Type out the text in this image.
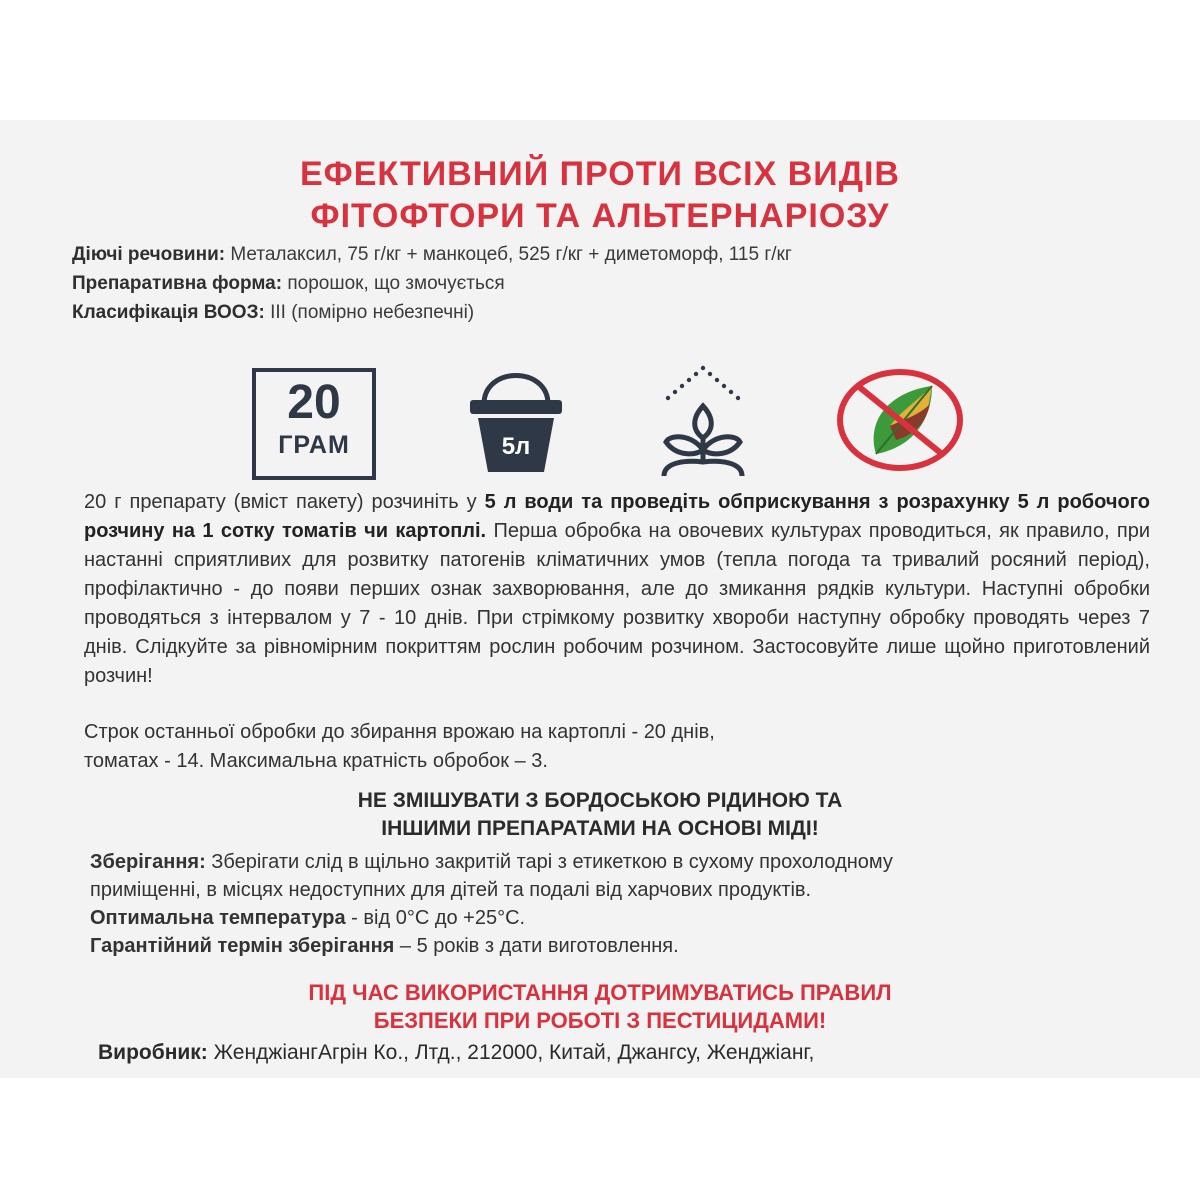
ЕФЕКТИВНИЙ ПРОТИ ВСІХ ВИДІВ
ФІТОФТОРИ ТА АЛЬТЕРНАРІОЗУ
Діючі речовини: Металаксил, 75 г/кг + манкоцеб, 525 г/кг + диметоморф, 115 г/кг
Препаративна форма: порошок, що змочується
Класифікація ВООЗ: ІІІ (помірно небезпечні)
20
ГРАМ	5л
20 г препарату (вміст пакету) розчиніть у 5 л води та проведіть обприскування з розрахунку 5 л робочого розчину на 1 сотку томатів чи картоплі. Перша обробка на овочевих культурах проводиться, як правило, при настанні сприятливих для розвитку патогенів кліматичних умов (тепла погода та тривалий росяний період), профілактично - до появи перших ознак захворювання, але до змикання рядків культури. Наступні обробки проводяться з інтервалом у 7 - 10 днів. При стрімкому розвитку хвороби наступну обробку проводять через 7 днів. Слідкуйте за рівномірним покриттям рослин робочим розчином. Застосовуйте лише щойно приготовлений розчин!
Строк останньої обробки до збирання врожаю на картоплі - 20 днів,
томатах - 14. Максимальна кратність обробок – 3.
НЕ ЗМІШУВАТИ З БОРДОСЬКОЮ РІДИНОЮ ТА
ІНШИМИ ПРЕПАРАТАМИ НА ОСНОВІ МІДІ!
Зберігання: Зберігати слід в щільно закритій тарі з етикеткою в сухому прохолодному
приміщенні, в місцях недоступних для дітей та подалі від харчових продуктів.
Оптимальна температура - від 0°C до +25°C.
Гарантійний термін зберігання – 5 років з дати виготовлення.
ПІД ЧАС ВИКОРИСТАННЯ ДОТРИМУВАТИСЬ ПРАВИЛ
БЕЗПЕКИ ПРИ РОБОТІ З ПЕСТИЦИДАМИ!
Виробник: ЖенджіангАгрін Ко., Лтд., 212000, Китай, Джангсу, Женджіанг,
